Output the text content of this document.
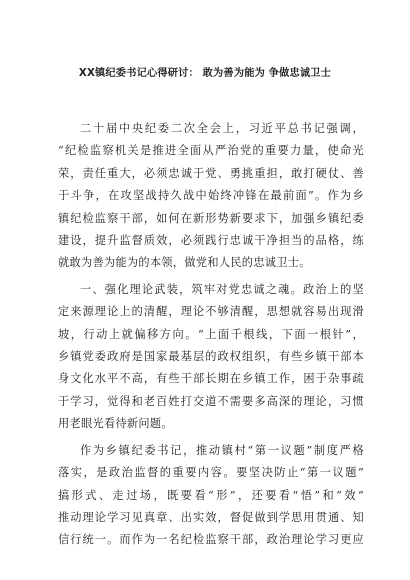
XX镇纪委书记心得研讨： 敢为善为能为 争做忠诚卫士
二十届中央纪委二次全会上，习近平总书记强调，
“纪检监察机关是推进全面从严治党的重要力量，使命光
荣，责任重大，必须忠诚于党、勇挑重担，敢打硬仗、善
于斗争，在攻坚战持久战中始终冲锋在最前面”。作为乡
镇纪检监察干部，如何在新形势新要求下，加强乡镇纪委
建设，提升监督质效，必须践行忠诚干净担当的品格，练
就敢为善为能为的本领，做党和人民的忠诚卫士。
一、强化理论武装，筑牢对党忠诚之魂。政治上的坚
定来源理论上的清醒，理论不够清醒，思想就容易出现滑
坡，行动上就偏移方向。“上面千根线，下面一根针”，
乡镇党委政府是国家最基层的政权组织，有些乡镇干部本
身文化水平不高，有些干部长期在乡镇工作，困于杂事疏
于学习，觉得和老百姓打交道不需要多高深的理论，习惯
用老眼光看待新问题。
作为乡镇纪委书记，推动镇村“第一议题”制度严格
落实，是政治监督的重要内容。要坚决防止“第一议题”
搞形式、走过场，既要看“形”，还要看“悟”和“效”
推动理论学习见真章、出实效，督促做到学思用贯通、知
信行统一。而作为一名纪检监察干部，政治理论学习更应
